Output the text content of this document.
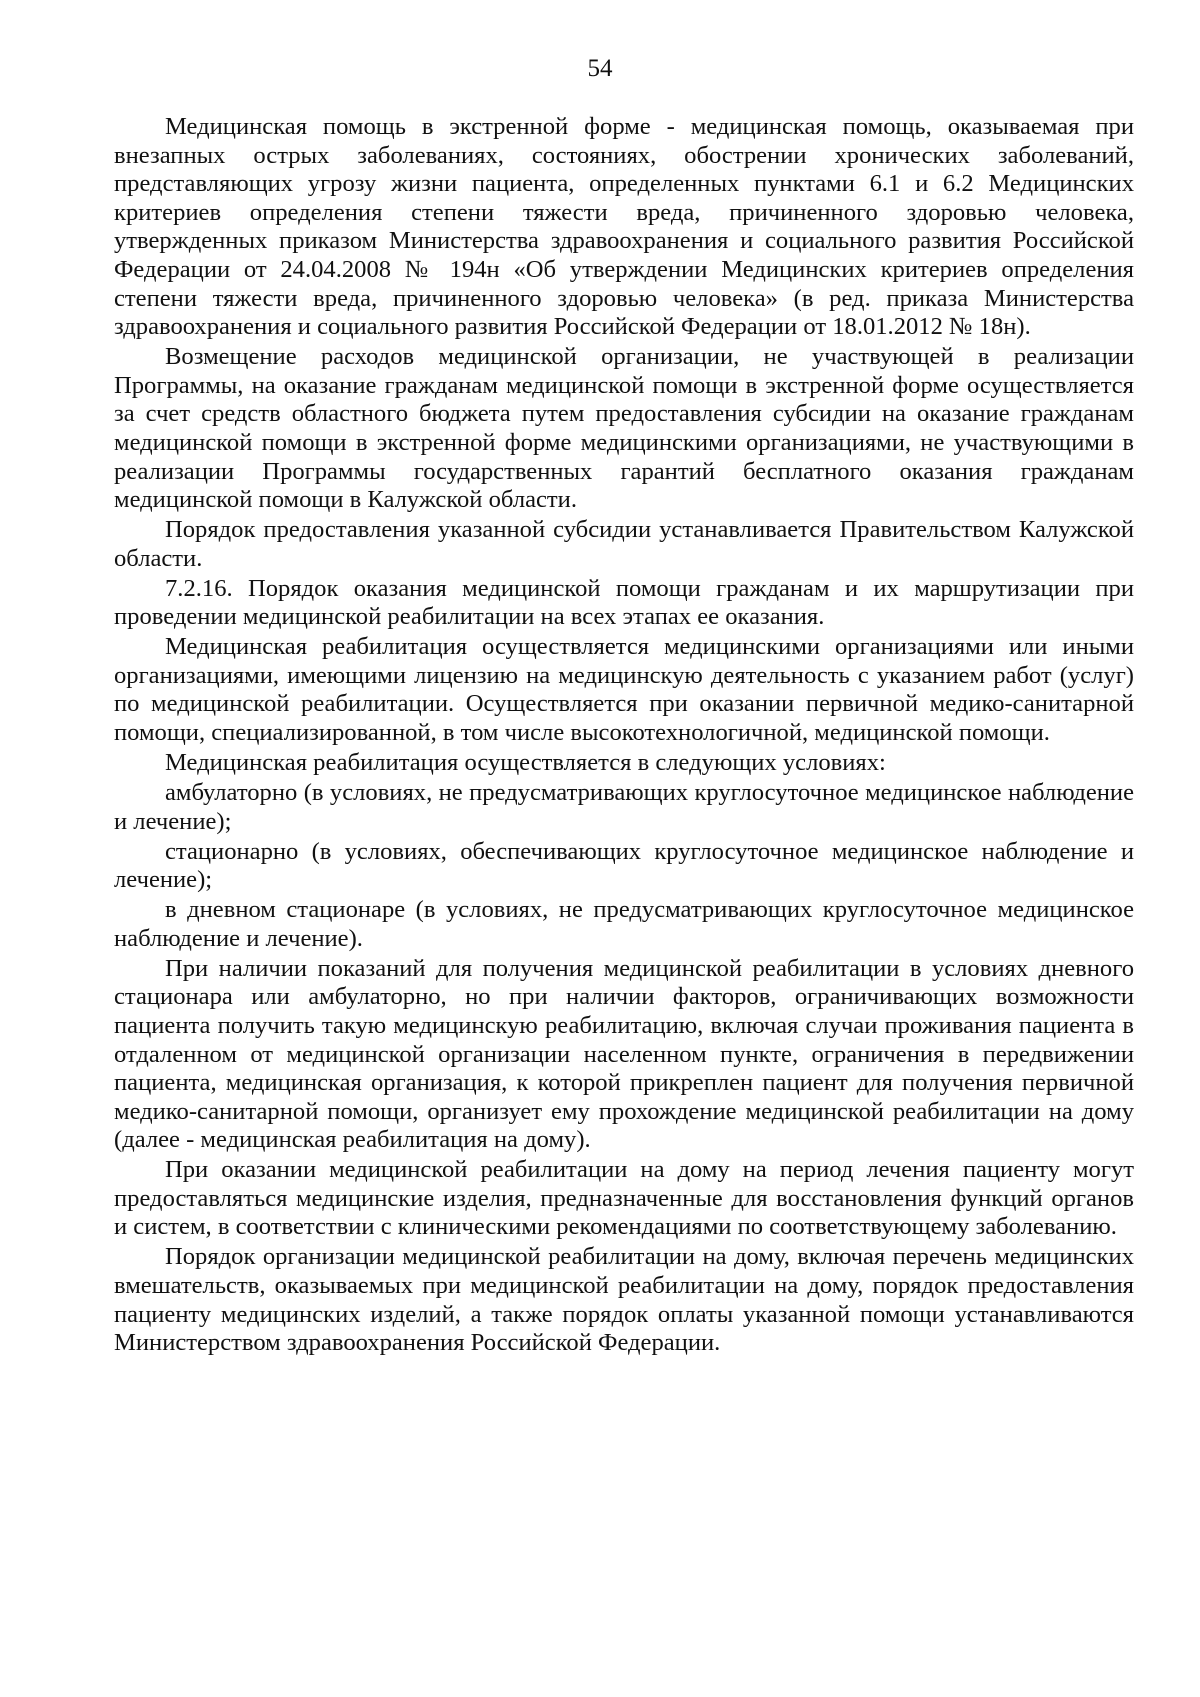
54

Медицинская помощь в экстренной форме - медицинская помощь, оказываемая при внезапных острых заболеваниях, состояниях, обострении хронических заболеваний, представляющих угрозу жизни пациента, определенных пунктами 6.1 и 6.2 Медицинских критериев определения степени тяжести вреда, причиненного здоровью человека, утвержденных приказом Министерства здравоохранения и социального развития Российской Федерации от 24.04.2008 № 194н «Об утверждении Медицинских критериев определения степени тяжести вреда, причиненного здоровью человека» (в ред. приказа Министерства здравоохранения и социального развития Российской Федерации от 18.01.2012 № 18н).

Возмещение расходов медицинской организации, не участвующей в реализации Программы, на оказание гражданам медицинской помощи в экстренной форме осуществляется за счет средств областного бюджета путем предоставления субсидии на оказание гражданам медицинской помощи в экстренной форме медицинскими организациями, не участвующими в реализации Программы государственных гарантий бесплатного оказания гражданам медицинской помощи в Калужской области.

Порядок предоставления указанной субсидии устанавливается Правительством Калужской области.

7.2.16. Порядок оказания медицинской помощи гражданам и их маршрутизации при проведении медицинской реабилитации на всех этапах ее оказания.

Медицинская реабилитация осуществляется медицинскими организациями или иными организациями, имеющими лицензию на медицинскую деятельность с указанием работ (услуг) по медицинской реабилитации. Осуществляется при оказании первичной медико-санитарной помощи, специализированной, в том числе высокотехнологичной, медицинской помощи.

Медицинская реабилитация осуществляется в следующих условиях:

амбулаторно (в условиях, не предусматривающих круглосуточное медицинское наблюдение и лечение);

стационарно (в условиях, обеспечивающих круглосуточное медицинское наблюдение и лечение);

в дневном стационаре (в условиях, не предусматривающих круглосуточное медицинское наблюдение и лечение).

При наличии показаний для получения медицинской реабилитации в условиях дневного стационара или амбулаторно, но при наличии факторов, ограничивающих возможности пациента получить такую медицинскую реабилитацию, включая случаи проживания пациента в отдаленном от медицинской организации населенном пункте, ограничения в передвижении пациента, медицинская организация, к которой прикреплен пациент для получения первичной медико-санитарной помощи, организует ему прохождение медицинской реабилитации на дому (далее - медицинская реабилитация на дому).

При оказании медицинской реабилитации на дому на период лечения пациенту могут предоставляться медицинские изделия, предназначенные для восстановления функций органов и систем, в соответствии с клиническими рекомендациями по соответствующему заболеванию.

Порядок организации медицинской реабилитации на дому, включая перечень медицинских вмешательств, оказываемых при медицинской реабилитации на дому, порядок предоставления пациенту медицинских изделий, а также порядок оплаты указанной помощи устанавливаются Министерством здравоохранения Российской Федерации.
